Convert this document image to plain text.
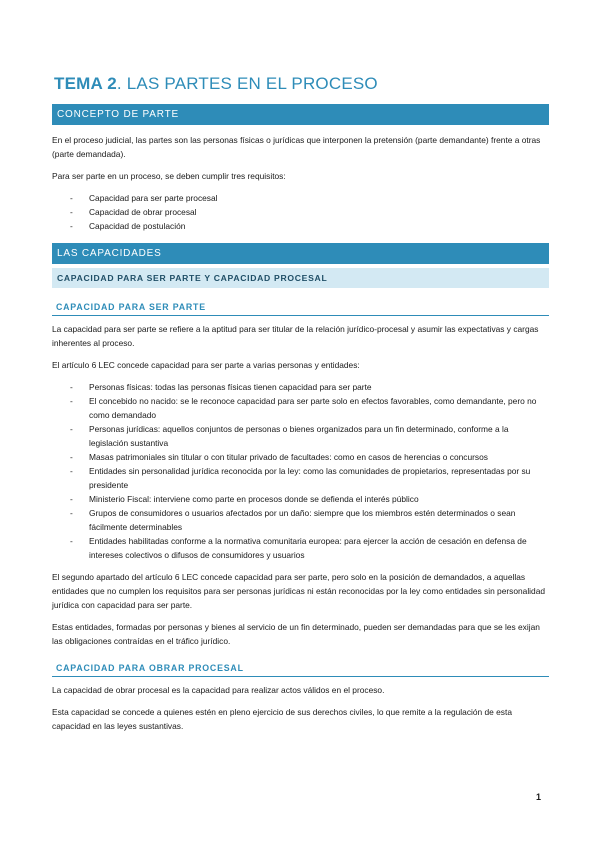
TEMA 2. LAS PARTES EN EL PROCESO
CONCEPTO DE PARTE

En el proceso judicial, las partes son las personas físicas o jurídicas que interponen la pretensión (parte demandante) frente a otras (parte demandada).

Para ser parte en un proceso, se deben cumplir tres requisitos:

- Capacidad para ser parte procesal
- Capacidad de obrar procesal
- Capacidad de postulación
LAS CAPACIDADES
CAPACIDAD PARA SER PARTE Y CAPACIDAD PROCESAL
CAPACIDAD PARA SER PARTE

La capacidad para ser parte se refiere a la aptitud para ser titular de la relación jurídico-procesal y asumir las expectativas y cargas inherentes al proceso.

El artículo 6 LEC concede capacidad para ser parte a varias personas y entidades:

- Personas físicas: todas las personas físicas tienen capacidad para ser parte
- El concebido no nacido: se le reconoce capacidad para ser parte solo en efectos favorables, como demandante, pero no como demandado
- Personas jurídicas: aquellos conjuntos de personas o bienes organizados para un fin determinado, conforme a la legislación sustantiva
- Masas patrimoniales sin titular o con titular privado de facultades: como en casos de herencias o concursos
- Entidades sin personalidad jurídica reconocida por la ley: como las comunidades de propietarios, representadas por su presidente
- Ministerio Fiscal: interviene como parte en procesos donde se defienda el interés público
- Grupos de consumidores o usuarios afectados por un daño: siempre que los miembros estén determinados o sean fácilmente determinables
- Entidades habilitadas conforme a la normativa comunitaria europea: para ejercer la acción de cesación en defensa de intereses colectivos o difusos de consumidores y usuarios

El segundo apartado del artículo 6 LEC concede capacidad para ser parte, pero solo en la posición de demandados, a aquellas entidades que no cumplen los requisitos para ser personas jurídicas ni están reconocidas por la ley como entidades sin personalidad jurídica con capacidad para ser parte.

Estas entidades, formadas por personas y bienes al servicio de un fin determinado, pueden ser demandadas para que se les exijan las obligaciones contraídas en el tráfico jurídico.

CAPACIDAD PARA OBRAR PROCESAL

La capacidad de obrar procesal es la capacidad para realizar actos válidos en el proceso.

Esta capacidad se concede a quienes estén en pleno ejercicio de sus derechos civiles, lo que remite a la regulación de esta capacidad en las leyes sustantivas.

1
